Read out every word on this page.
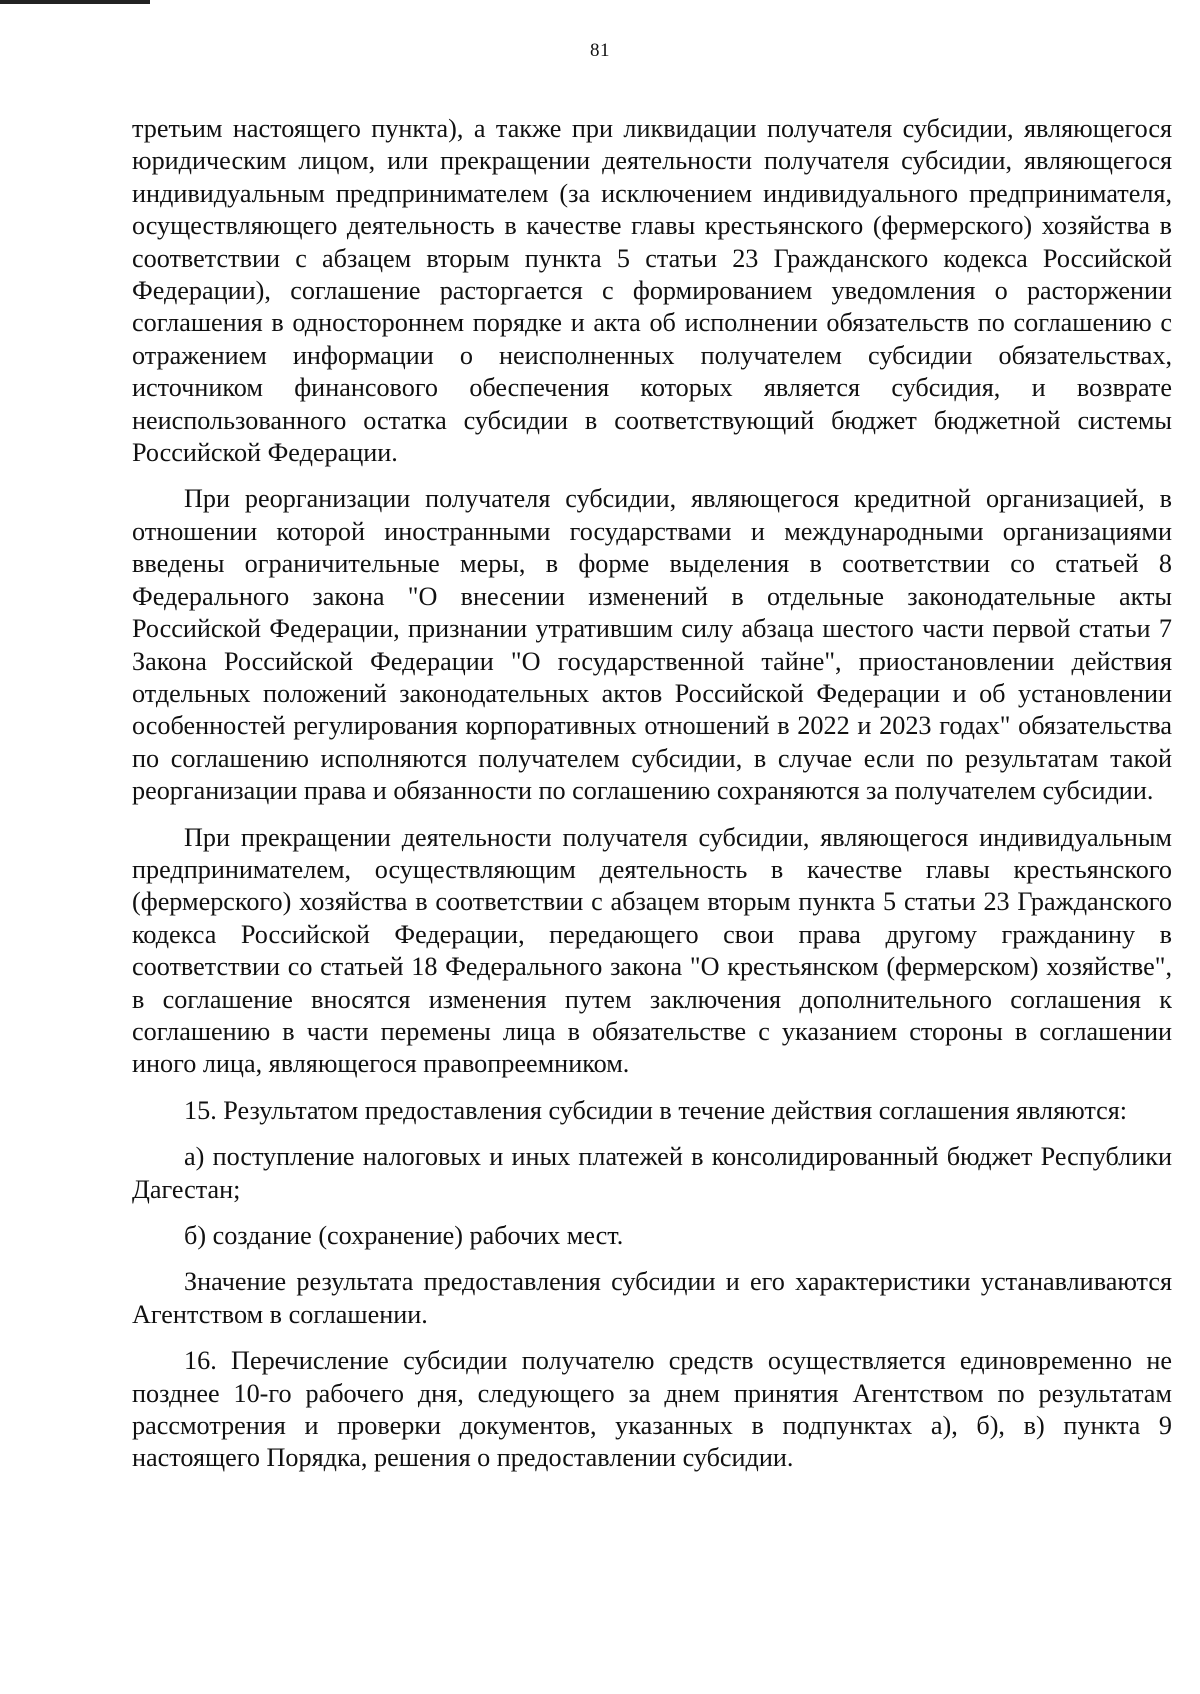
81

третьим настоящего пункта), а также при ликвидации получателя субсидии, являющегося юридическим лицом, или прекращении деятельности получателя субсидии, являющегося индивидуальным предпринимателем (за исключением индивидуального предпринимателя, осуществляющего деятельность в качестве главы крестьянского (фермерского) хозяйства в соответствии с абзацем вторым пункта 5 статьи 23 Гражданского кодекса Российской Федерации), соглашение расторгается с формированием уведомления о расторжении соглашения в одностороннем порядке и акта об исполнении обязательств по соглашению с отражением информации о неисполненных получателем субсидии обязательствах, источником финансового обеспечения которых является субсидия, и возврате неиспользованного остатка субсидии в соответствующий бюджет бюджетной системы Российской Федерации.

При реорганизации получателя субсидии, являющегося кредитной организацией, в отношении которой иностранными государствами и международными организациями введены ограничительные меры, в форме выделения в соответствии со статьей 8 Федерального закона "О внесении изменений в отдельные законодательные акты Российской Федерации, признании утратившим силу абзаца шестого части первой статьи 7 Закона Российской Федерации "О государственной тайне", приостановлении действия отдельных положений законодательных актов Российской Федерации и об установлении особенностей регулирования корпоративных отношений в 2022 и 2023 годах" обязательства по соглашению исполняются получателем субсидии, в случае если по результатам такой реорганизации права и обязанности по соглашению сохраняются за получателем субсидии.

При прекращении деятельности получателя субсидии, являющегося индивидуальным предпринимателем, осуществляющим деятельность в качестве главы крестьянского (фермерского) хозяйства в соответствии с абзацем вторым пункта 5 статьи 23 Гражданского кодекса Российской Федерации, передающего свои права другому гражданину в соответствии со статьей 18 Федерального закона "О крестьянском (фермерском) хозяйстве", в соглашение вносятся изменения путем заключения дополнительного соглашения к соглашению в части перемены лица в обязательстве с указанием стороны в соглашении иного лица, являющегося правопреемником.

15. Результатом предоставления субсидии в течение действия соглашения являются:

а) поступление налоговых и иных платежей в консолидированный бюджет Республики Дагестан;

б) создание (сохранение) рабочих мест.

Значение результата предоставления субсидии и его характеристики устанавливаются Агентством в соглашении.

16. Перечисление субсидии получателю средств осуществляется единовременно не позднее 10-го рабочего дня, следующего за днем принятия Агентством по результатам рассмотрения и проверки документов, указанных в подпунктах а), б), в) пункта 9 настоящего Порядка, решения о предоставлении субсидии.
